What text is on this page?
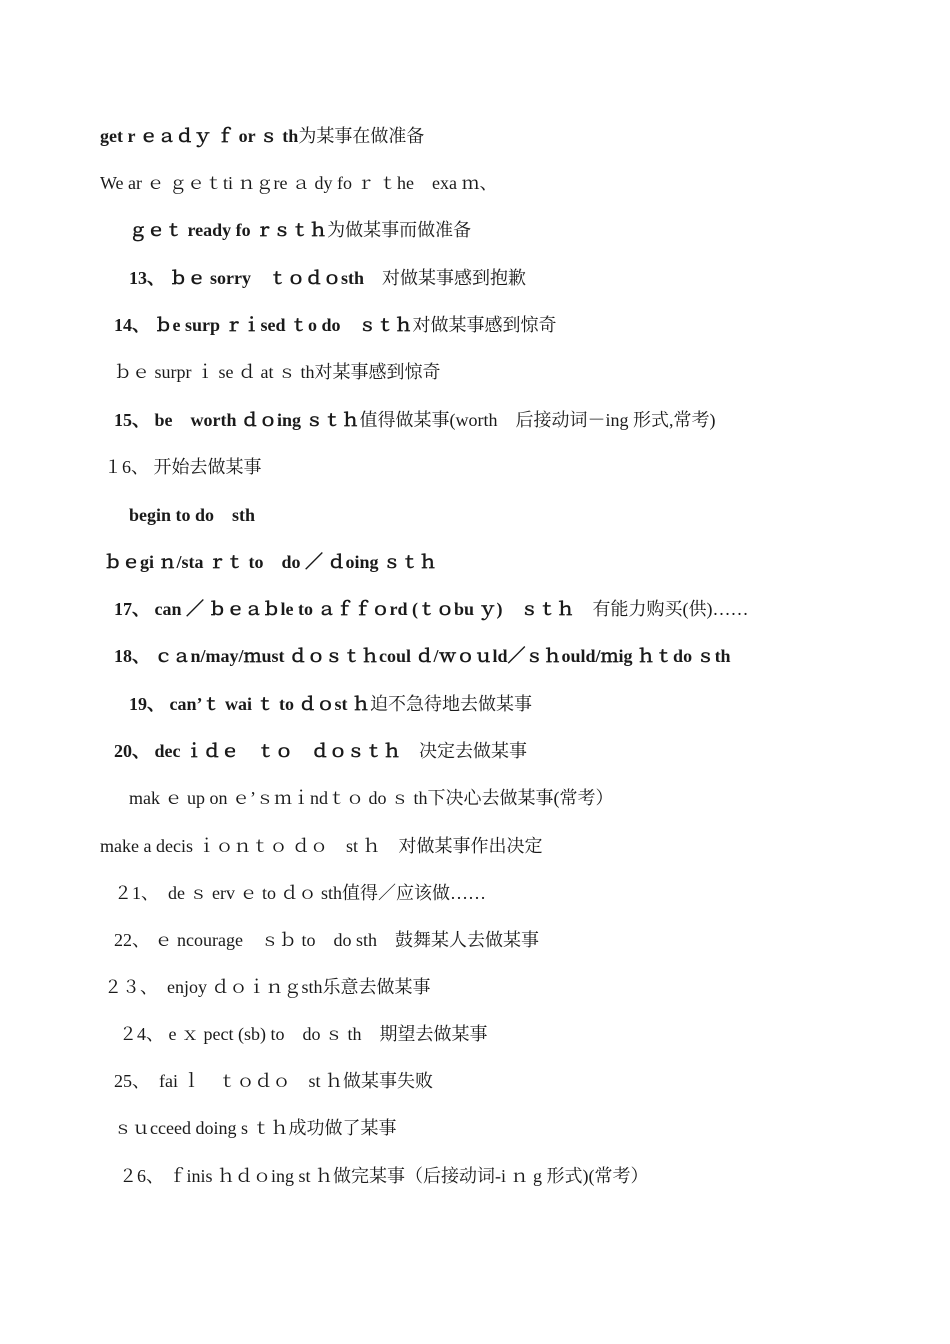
get r ｅａｄｙ ｆ or ｓ th为某事在做准备
We ar ｅ ｇｅｔti ｎｇre ａ dy fo ｒ ｔhe　exa ｍ、
ｇｅｔ ready fo ｒｓｔｈ为做某事而做准备
13、 ｂｅ sorry　ｔｏｄｏsth　对做某事感到抱歉
14、 ｂe surp ｒｉsed ｔo do　ｓｔｈ对做某事感到惊奇
ｂｅ surpr ｉ se ｄ at ｓ th对某事感到惊奇
15、 be　worth ｄｏing ｓｔｈ值得做某事(worth　后接动词－ing 形式,常考)
１6、 开始去做某事
begin to do　sth
ｂｅgi ｎ/sta ｒｔ to　do ／ ｄoing ｓｔｈ
17、 can ／ ｂｅａｂle to ａｆｆｏrd (ｔｏbu ｙ)　ｓｔｈ　有能力购买(供)……
18、 ｃａn/may/ｍust ｄｏｓｔｈcoul ｄ/ｗｏｕld／ｓｈould/ｍig ｈｔdo ｓth
19、 can’ｔ wai ｔ to ｄｏst ｈ迫不急待地去做某事
20、 dec ｉｄｅ　ｔｏ　ｄｏｓｔｈ　决定去做某事
mak ｅ up on ｅ’ｓｍｉndｔｏ do ｓ th下决心去做某事(常考）
make a decis ｉｏｎｔｏ ｄｏ　st ｈ　对做某事作出决定
２1、　de ｓ erv ｅ to ｄｏ sth值得／应该做……
22、 ｅ ncourage　ｓｂ to　do sth　鼓舞某人去做某事
２３、　enjoy ｄｏｉｎｇsth乐意去做某事
２4、 e ｘ pect (sb) to　do ｓ th　期望去做某事
25、　fai ｌ　ｔｏｄｏ　st ｈ做某事失败
ｓｕcceed doing s ｔｈ成功做了某事
２6、 ｆinis ｈｄｏing st ｈ做完某事（后接动词-i ｎ g 形式)(常考）
